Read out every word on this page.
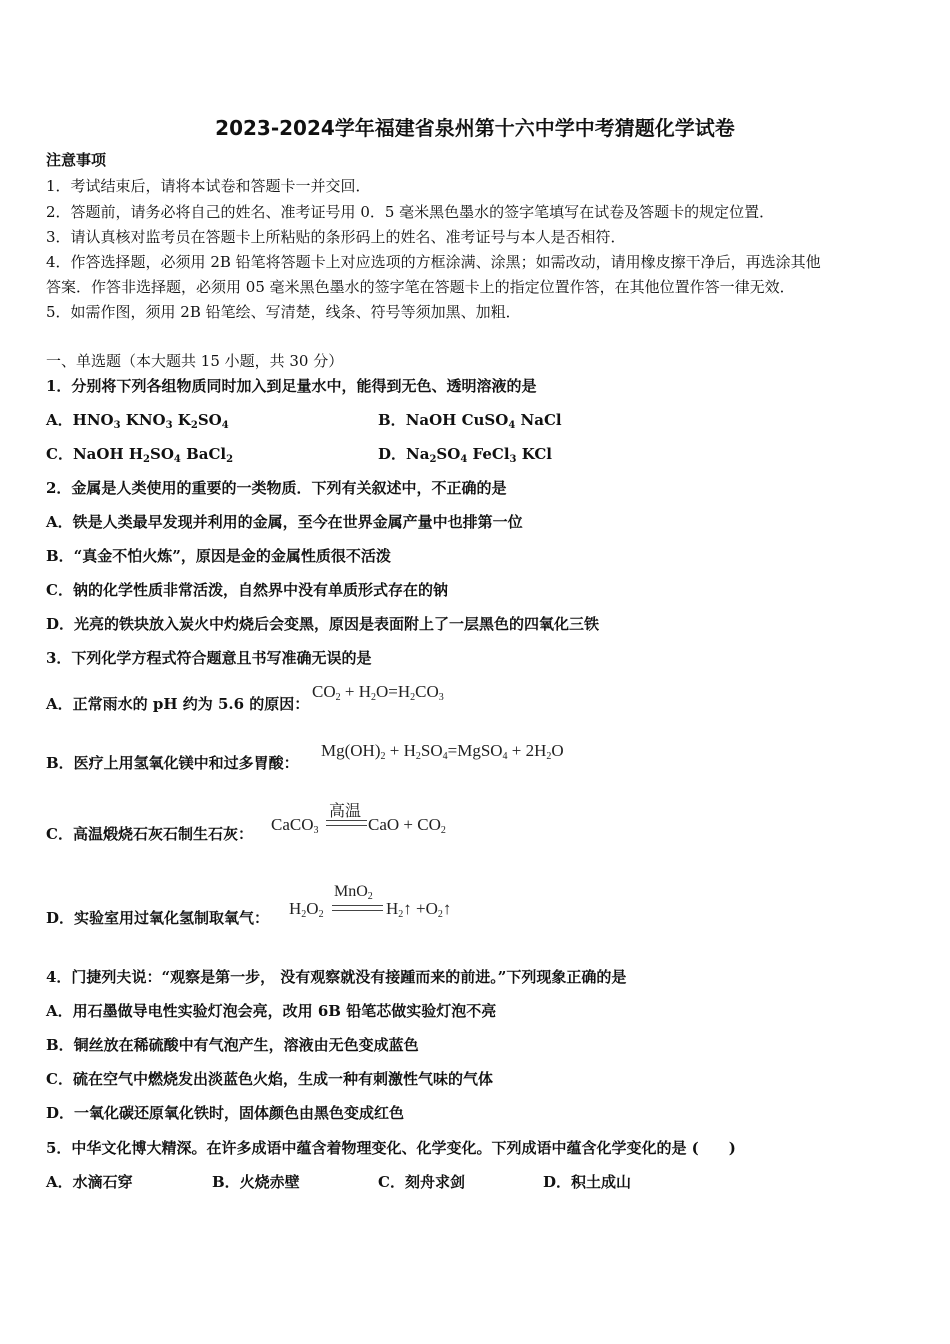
2023-2024学年福建省泉州第十六中学中考猜题化学试卷
注意事项
1．考试结束后，请将本试卷和答题卡一并交回．
2．答题前，请务必将自己的姓名、准考证号用 0．5 毫米黑色墨水的签字笔填写在试卷及答题卡的规定位置．
3．请认真核对监考员在答题卡上所粘贴的条形码上的姓名、准考证号与本人是否相符．
4．作答选择题，必须用 2B 铅笔将答题卡上对应选项的方框涂满、涂黑；如需改动，请用橡皮擦干净后，再选涂其他
答案．作答非选择题，必须用 05 毫米黑色墨水的签字笔在答题卡上的指定位置作答，在其他位置作答一律无效．
5．如需作图，须用 2B 铅笔绘、写清楚，线条、符号等须加黑、加粗．
一、单选题（本大题共 15 小题，共 30 分）
1．分别将下列各组物质同时加入到足量水中，能得到无色、透明溶液的是
A．$HNO_3$ $KNO_3$ $K_2SO_4$	B．NaOH CuSO$_4$ NaCl
C．NaOH $H_2SO_4$ BaCl$_2$	D．$Na_2SO_4$ FeCl$_3$ KCl
2．金属是人类使用的重要的一类物质．下列有关叙述中，不正确的是
A．铁是人类最早发现并利用的金属，至今在世界金属产量中也排第一位
B．“真金不怕火炼”，原因是金的金属性质很不活泼
C．钠的化学性质非常活泼，自然界中没有单质形式存在的钠
D．光亮的铁块放入炭火中灼烧后会变黑，原因是表面附上了一层黑色的四氧化三铁
3．下列化学方程式符合题意且书写准确无误的是
A．正常雨水的 pH 约为 5.6 的原因：
$CO_2 + H_2O=H_2CO_3$
B．医疗上用氢氧化镁中和过多胃酸：
$Mg(OH)_2$ + $H_2SO_4=MgSO_4 + 2H_2O$
C．高温煅烧石灰石制生石灰： CaCO$_3$
高温
CaO + $CO_2$
D．实验室用过氧化氢制取氧气： $H_2O_2$
MnO$_2$
$H_2↑$ $+O_2↑$
4．门捷列夫说：“观察是第一步， 没有观察就没有接踵而来的前进。”下列现象正确的是
A．用石墨做导电性实验灯泡会亮，改用 6B 铅笔芯做实验灯泡不亮
B．铜丝放在稀硫酸中有气泡产生，溶液由无色变成蓝色
C．硫在空气中燃烧发出淡蓝色火焰，生成一种有刺激性气味的气体
D．一氧化碳还原氧化铁时，固体颜色由黑色变成红色
5．中华文化博大精深。在许多成语中蕴含着物理变化、化学变化。下列成语中蕴含化学变化的是 (　　)
A．水滴石穿	B．火烧赤壁	C．刻舟求剑	D．积土成山
